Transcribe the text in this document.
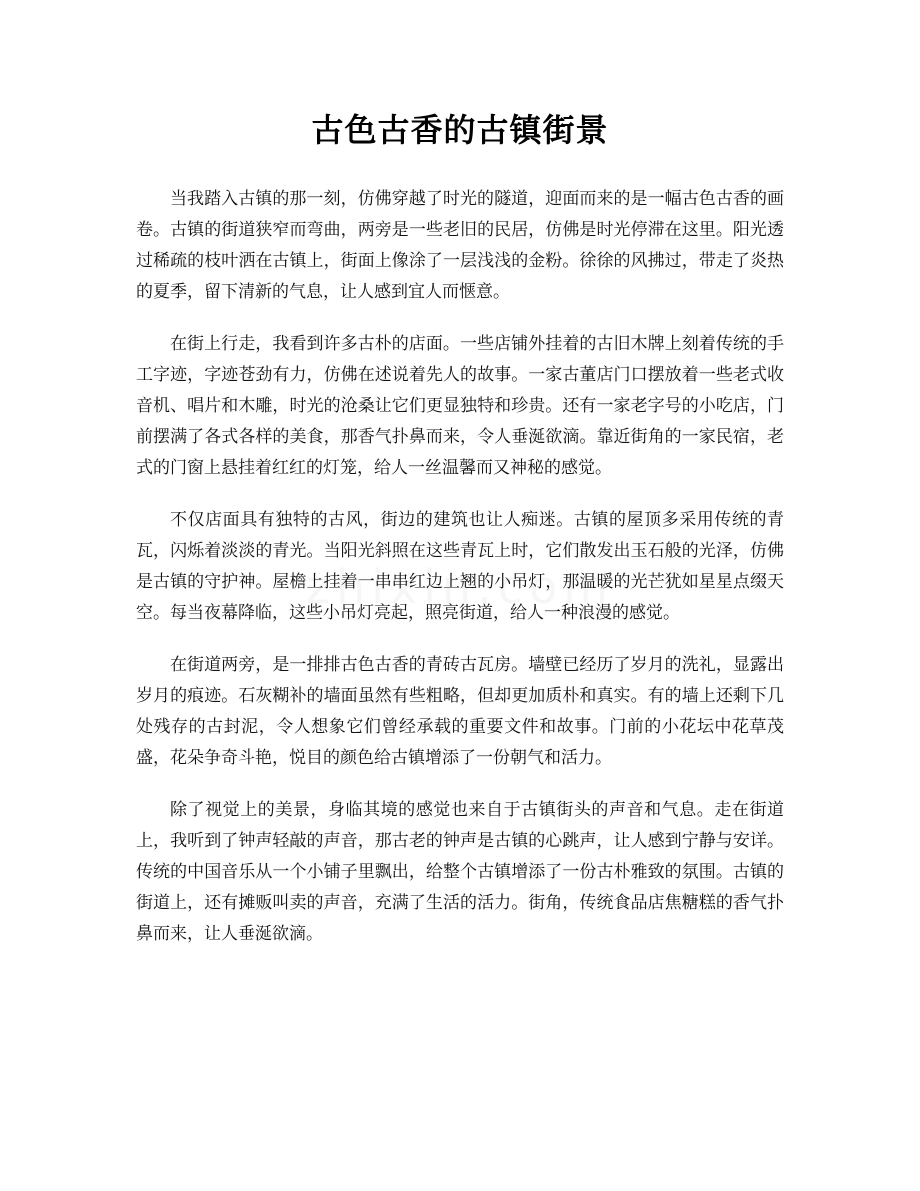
古色古香的古镇街景

当我踏入古镇的那一刻，仿佛穿越了时光的隧道，迎面而来的是一幅古色古香的画卷。古镇的街道狭窄而弯曲，两旁是一些老旧的民居，仿佛是时光停滞在这里。阳光透过稀疏的枝叶洒在古镇上，街面上像涂了一层浅浅的金粉。徐徐的风拂过，带走了炎热的夏季，留下清新的气息，让人感到宜人而惬意。

在街上行走，我看到许多古朴的店面。一些店铺外挂着的古旧木牌上刻着传统的手工字迹，字迹苍劲有力，仿佛在述说着先人的故事。一家古董店门口摆放着一些老式收音机、唱片和木雕，时光的沧桑让它们更显独特和珍贵。还有一家老字号的小吃店，门前摆满了各式各样的美食，那香气扑鼻而来，令人垂涎欲滴。靠近街角的一家民宿，老式的门窗上悬挂着红红的灯笼，给人一丝温馨而又神秘的感觉。

不仅店面具有独特的古风，街边的建筑也让人痴迷。古镇的屋顶多采用传统的青瓦，闪烁着淡淡的青光。当阳光斜照在这些青瓦上时，它们散发出玉石般的光泽，仿佛是古镇的守护神。屋檐上挂着一串串红边上翘的小吊灯，那温暖的光芒犹如星星点缀天空。每当夜幕降临，这些小吊灯亮起，照亮街道，给人一种浪漫的感觉。

在街道两旁，是一排排古色古香的青砖古瓦房。墙壁已经历了岁月的洗礼，显露出岁月的痕迹。石灰糊补的墙面虽然有些粗略，但却更加质朴和真实。有的墙上还剩下几处残存的古封泥，令人想象它们曾经承载的重要文件和故事。门前的小花坛中花草茂盛，花朵争奇斗艳，悦目的颜色给古镇增添了一份朝气和活力。

除了视觉上的美景，身临其境的感觉也来自于古镇街头的声音和气息。走在街道上，我听到了钟声轻敲的声音，那古老的钟声是古镇的心跳声，让人感到宁静与安详。传统的中国音乐从一个小铺子里飘出，给整个古镇增添了一份古朴雅致的氛围。古镇的街道上，还有摊贩叫卖的声音，充满了生活的活力。街角，传统食品店焦糖糕的香气扑鼻而来，让人垂涎欲滴。
